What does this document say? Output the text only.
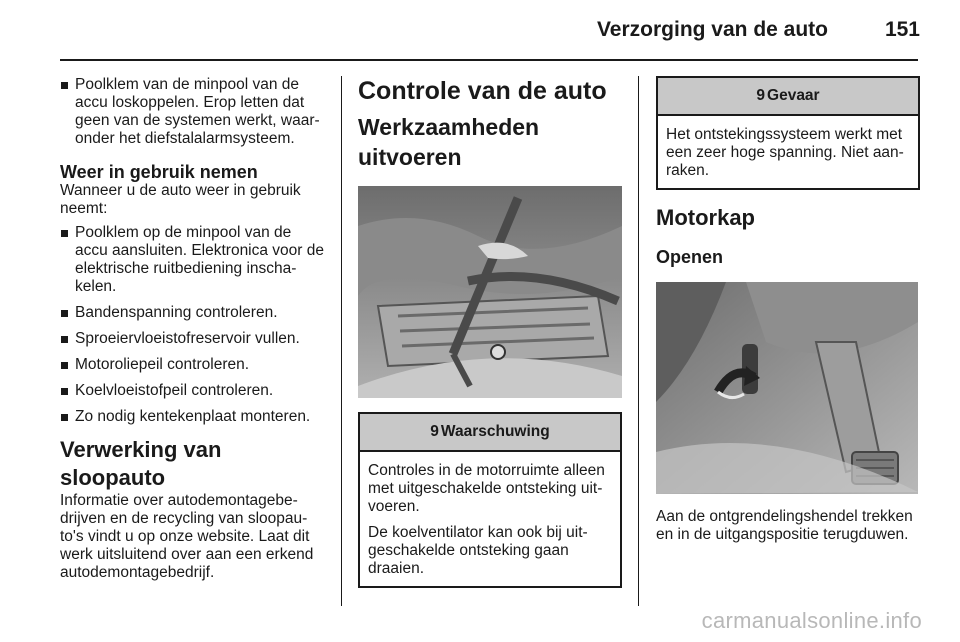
Verzorging van de auto	151
Poolklem van de minpool van de accu loskoppelen. Erop letten dat geen van de systemen werkt, waar-onder het diefstalalarmsysteem.
Weer in gebruik nemen

Wanneer u de auto weer in gebruik neemt:

Poolklem op de minpool van de accu aansluiten. Elektronica voor de elektrische ruitbediening inscha-kelen.
Bandenspanning controleren.
Sproeiervloeistofreservoir vullen.
Motoroliepeil controleren.
Koelvloeistofpeil controleren.
Zo nodig kentekenplaat monteren.
Verwerking van sloopauto

Informatie over autodemontagebe-drijven en de recycling van sloopau-to's vindt u op onze website. Laat dit werk uitsluitend over aan een erkend autodemontagebedrijf.

Controle van de auto
Werkzaamheden
uitvoeren
9 Waarschuwing

Controles in de motorruimte alleen met uitgeschakelde ontsteking uit-voeren.

De koelventilator kan ook bij uit-geschakelde ontsteking gaan draaien.

9 Gevaar

Het ontstekingssysteem werkt met een zeer hoge spanning. Niet aan-raken.

Motorkap
Openen

Aan de ontgrendelingshendel trekken en in de uitgangspositie terugduwen.

carmanualsonline.info
